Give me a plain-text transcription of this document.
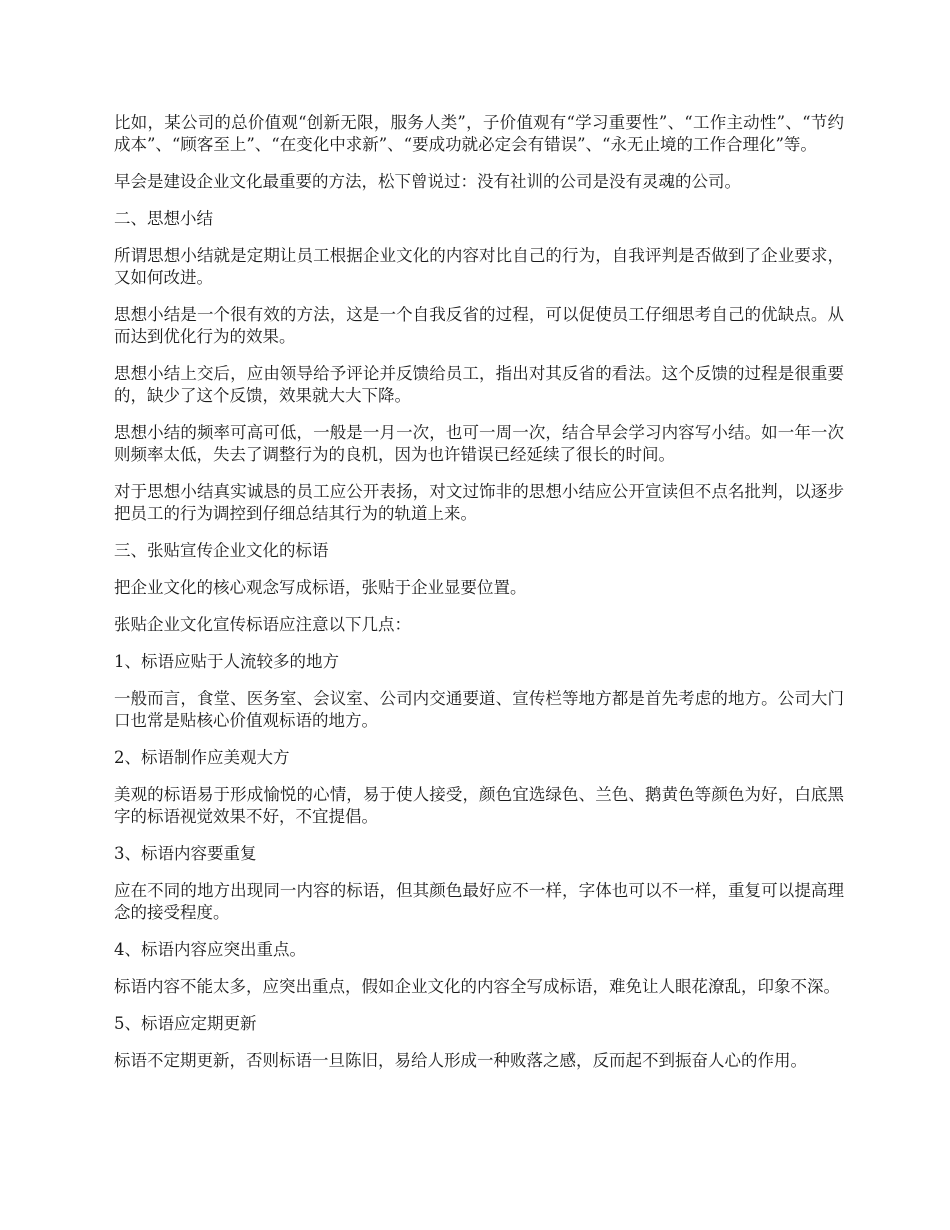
比如，某公司的总价值观“创新无限，服务人类”，子价值观有“学习重要性”、“工作主动性”、“节约成本”、“顾客至上”、“在变化中求新”、“要成功就必定会有错误”、“永无止境的工作合理化”等。

早会是建设企业文化最重要的方法，松下曾说过：没有社训的公司是没有灵魂的公司。

二、思想小结

所谓思想小结就是定期让员工根据企业文化的内容对比自己的行为，自我评判是否做到了企业要求，又如何改进。

思想小结是一个很有效的方法，这是一个自我反省的过程，可以促使员工仔细思考自己的优缺点。从而达到优化行为的效果。

思想小结上交后，应由领导给予评论并反馈给员工，指出对其反省的看法。这个反馈的过程是很重要的，缺少了这个反馈，效果就大大下降。

思想小结的频率可高可低，一般是一月一次，也可一周一次，结合早会学习内容写小结。如一年一次则频率太低，失去了调整行为的良机，因为也许错误已经延续了很长的时间。

对于思想小结真实诚恳的员工应公开表扬，对文过饰非的思想小结应公开宣读但不点名批判，以逐步把员工的行为调控到仔细总结其行为的轨道上来。

三、张贴宣传企业文化的标语

把企业文化的核心观念写成标语，张贴于企业显要位置。

张贴企业文化宣传标语应注意以下几点：

1、标语应贴于人流较多的地方

一般而言，食堂、医务室、会议室、公司内交通要道、宣传栏等地方都是首先考虑的地方。公司大门口也常是贴核心价值观标语的地方。

2、标语制作应美观大方

美观的标语易于形成愉悦的心情，易于使人接受，颜色宜选绿色、兰色、鹅黄色等颜色为好，白底黑字的标语视觉效果不好，不宜提倡。

3、标语内容要重复

应在不同的地方出现同一内容的标语，但其颜色最好应不一样，字体也可以不一样，重复可以提高理念的接受程度。

4、标语内容应突出重点。

标语内容不能太多，应突出重点，假如企业文化的内容全写成标语，难免让人眼花潦乱，印象不深。

5、标语应定期更新

标语不定期更新，否则标语一旦陈旧，易给人形成一种败落之感，反而起不到振奋人心的作用。
